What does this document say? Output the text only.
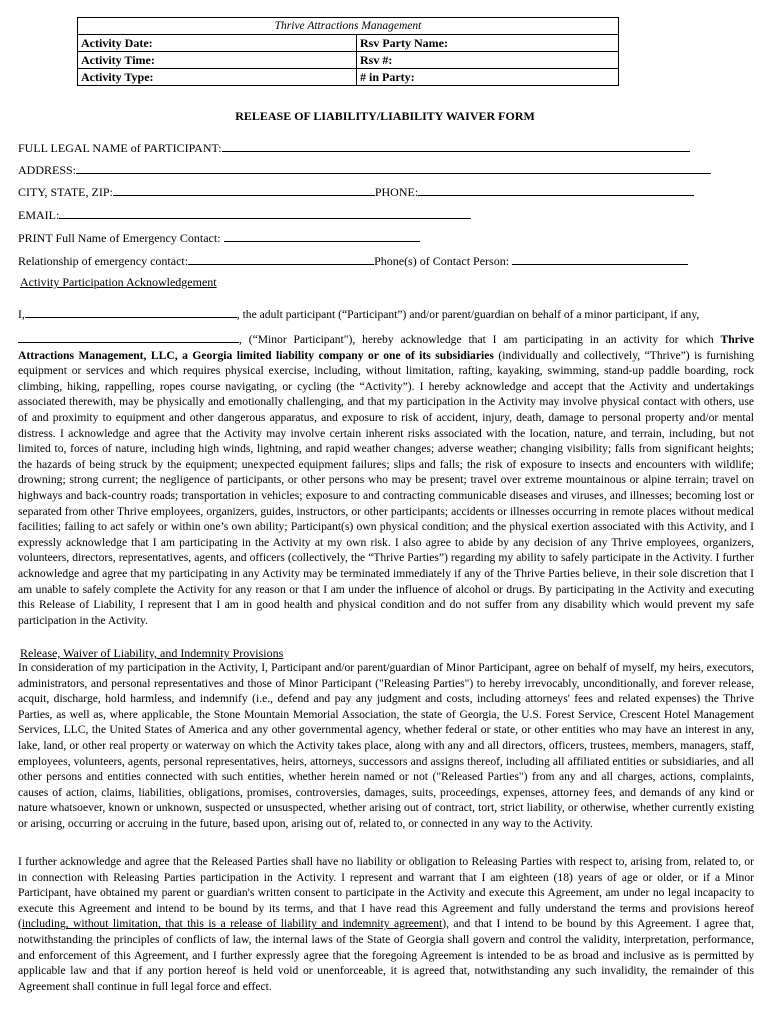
Thrive Attractions Management
Activity Date:	Rsv Party Name:
Activity Time:	Rsv #:
Activity Type:	# in Party:
RELEASE OF LIABILITY/LIABILITY WAIVER FORM
FULL LEGAL NAME of PARTICIPANT:
ADDRESS:
CITY, STATE, ZIP:	PHONE:
EMAIL:
PRINT Full Name of Emergency Contact:
Relationship of emergency contact:	Phone(s) of Contact Person:
Activity Participation Acknowledgement
I,	, the adult participant (“Participant”) and/or parent/guardian on behalf of a minor participant, if any,
, (“Minor Participant"), hereby acknowledge that I am participating in an activity for which Thrive Attractions Management, LLC, a Georgia limited liability company or one of its subsidiaries (individually and collectively, “Thrive”) is furnishing equipment or services and which requires physical exercise, including, without limitation, rafting, kayaking, swimming, stand-up paddle boarding, rock climbing, hiking, rappelling, ropes course navigating, or cycling (the “Activity”). I hereby acknowledge and accept that the Activity and undertakings associated therewith, may be physically and emotionally challenging, and that my participation in the Activity may involve physical contact with others, use of and proximity to equipment and other dangerous apparatus, and exposure to risk of accident, injury, death, damage to personal property and/or mental distress. I acknowledge and agree that the Activity may involve certain inherent risks associated with the location, nature, and terrain, including, but not limited to, forces of nature, including high winds, lightning, and rapid weather changes; adverse weather; changing visibility; falls from significant heights; the hazards of being struck by the equipment; unexpected equipment failures; slips and falls; the risk of exposure to insects and encounters with wildlife; drowning; strong current; the negligence of participants, or other persons who may be present; travel over extreme mountainous or alpine terrain; travel on highways and back-country roads; transportation in vehicles; exposure to and contracting communicable diseases and viruses, and illnesses; becoming lost or separated from other Thrive employees, organizers, guides, instructors, or other participants; accidents or illnesses occurring in remote places without medical facilities; failing to act safely or within one’s own ability; Participant(s) own physical condition; and the physical exertion associated with this Activity, and I expressly acknowledge that I am participating in the Activity at my own risk. I also agree to abide by any decision of any Thrive employees, organizers, volunteers, directors, representatives, agents, and officers (collectively, the “Thrive Parties”) regarding my ability to safely participate in the Activity. I further acknowledge and agree that my participating in any Activity may be terminated immediately if any of the Thrive Parties believe, in their sole discretion that I am unable to safely complete the Activity for any reason or that I am under the influence of alcohol or drugs. By participating in the Activity and executing this Release of Liability, I represent that I am in good health and physical condition and do not suffer from any disability which would prevent my safe participation in the Activity.
Release, Waiver of Liability, and Indemnity Provisions
In consideration of my participation in the Activity, I, Participant and/or parent/guardian of Minor Participant, agree on behalf of myself, my heirs, executors, administrators, and personal representatives and those of Minor Participant ("Releasing Parties") to hereby irrevocably, unconditionally, and forever release, acquit, discharge, hold harmless, and indemnify (i.e., defend and pay any judgment and costs, including attorneys' fees and related expenses) the Thrive Parties, as well as, where applicable, the Stone Mountain Memorial Association, the state of Georgia, the U.S. Forest Service, Crescent Hotel Management Services, LLC, the United States of America and any other governmental agency, whether federal or state, or other entities who may have an interest in any, lake, land, or other real property or waterway on which the Activity takes place, along with any and all directors, officers, trustees, members, managers, staff, employees, volunteers, agents, personal representatives, heirs, attorneys, successors and assigns thereof, including all affiliated entities or subsidiaries, and all other persons and entities connected with such entities, whether herein named or not ("Released Parties") from any and all charges, actions, complaints, causes of action, claims, liabilities, obligations, promises, controversies, damages, suits, proceedings, expenses, attorney fees, and demands of any kind or nature whatsoever, known or unknown, suspected or unsuspected, whether arising out of contract, tort, strict liability, or otherwise, whether currently existing or arising, occurring or accruing in the future, based upon, arising out of, related to, or connected in any way to the Activity.
I further acknowledge and agree that the Released Parties shall have no liability or obligation to Releasing Parties with respect to, arising from, related to, or in connection with Releasing Parties participation in the Activity. I represent and warrant that I am eighteen (18) years of age or older, or if a Minor Participant, have obtained my parent or guardian's written consent to participate in the Activity and execute this Agreement, am under no legal incapacity to execute this Agreement and intend to be bound by its terms, and that I have read this Agreement and fully understand the terms and provisions hereof (including, without limitation, that this is a release of liability and indemnity agreement), and that I intend to be bound by this Agreement. I agree that, notwithstanding the principles of conflicts of law, the internal laws of the State of Georgia shall govern and control the validity, interpretation, performance, and enforcement of this Agreement, and I further expressly agree that the foregoing Agreement is intended to be as broad and inclusive as is permitted by applicable law and that if any portion hereof is held void or unenforceable, it is agreed that, notwithstanding any such invalidity, the remainder of this Agreement shall continue in full legal force and effect.
